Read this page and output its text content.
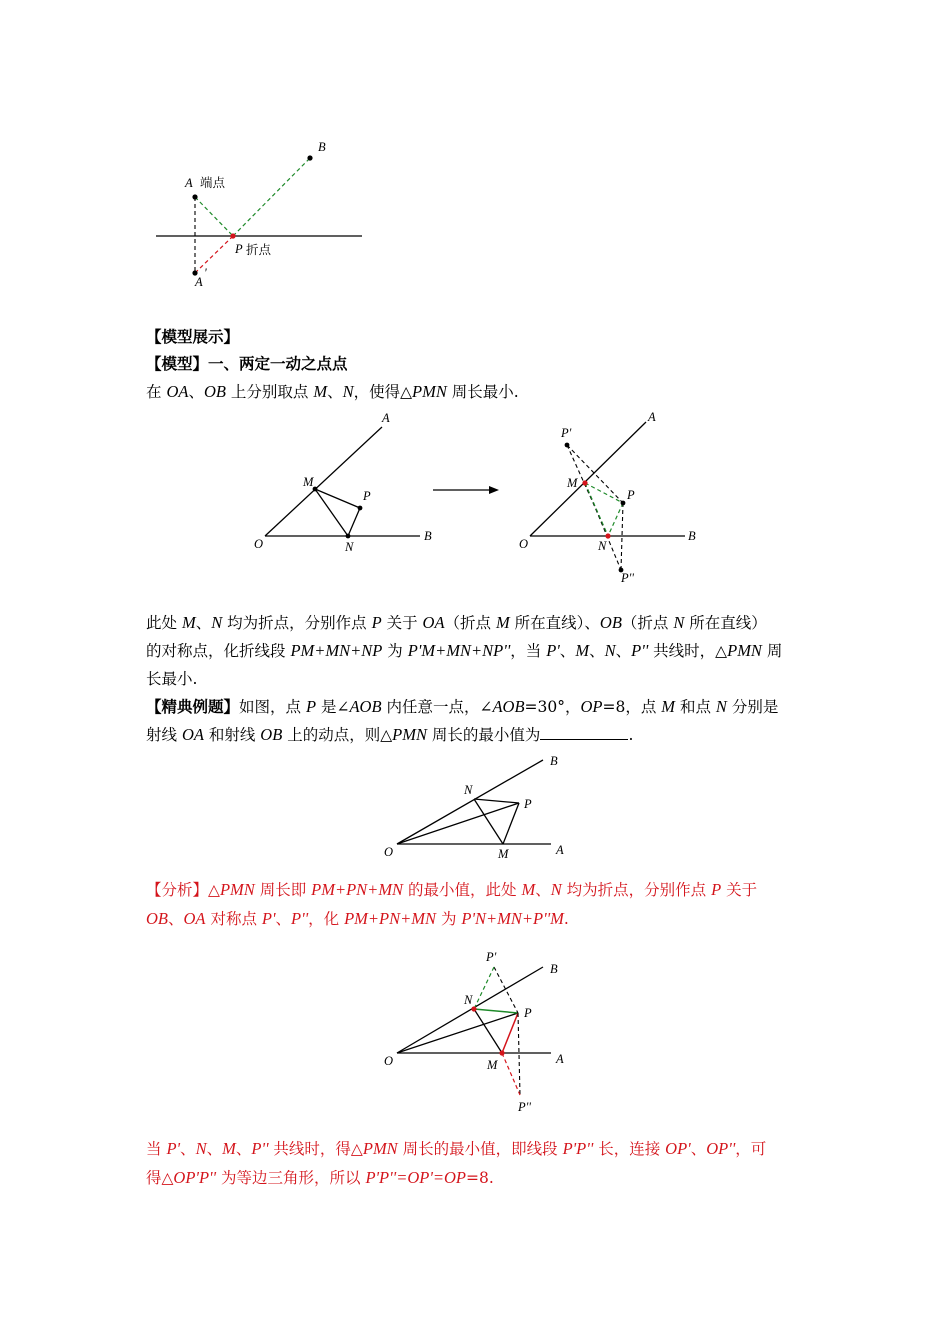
A 端点
B
P 折点
A
'
【模型展示】
【模型】一、两定一动之点点
在 OA、OB 上分别取点 M、N，使得△PMN 周长最小.
O
A
B
M
P
N	O
A
B
M
P
N
P'
P''
此处 M、N 均为折点，分别作点 P 关于 OA（折点 M 所在直线）、OB（折点 N 所在直线）
的对称点，化折线段 PM+MN+NP 为 P'M+MN+NP''，当 P'、M、N、P'' 共线时，△PMN 周
长最小.
【精典例题】如图，点 P 是∠AOB 内任意一点，∠AOB=30°，OP=8，点 M 和点 N 分别是
射线 OA 和射线 OB 上的动点，则△PMN 周长的最小值为	.
O	A
B
N
P
M
【分析】△PMN 周长即 PM+PN+MN 的最小值，此处 M、N 均为折点，分别作点 P 关于
OB、OA 对称点 P'、P''，化 PM+PN+MN 为 P'N+MN+P''M.
O	A
B
N
P
M
P'
P''
当 P'、N、M、P'' 共线时，得△PMN 周长的最小值，即线段 P'P'' 长，连接 OP'、OP''，可
得△OP'P'' 为等边三角形，所以 P'P''=OP'=OP=8.
